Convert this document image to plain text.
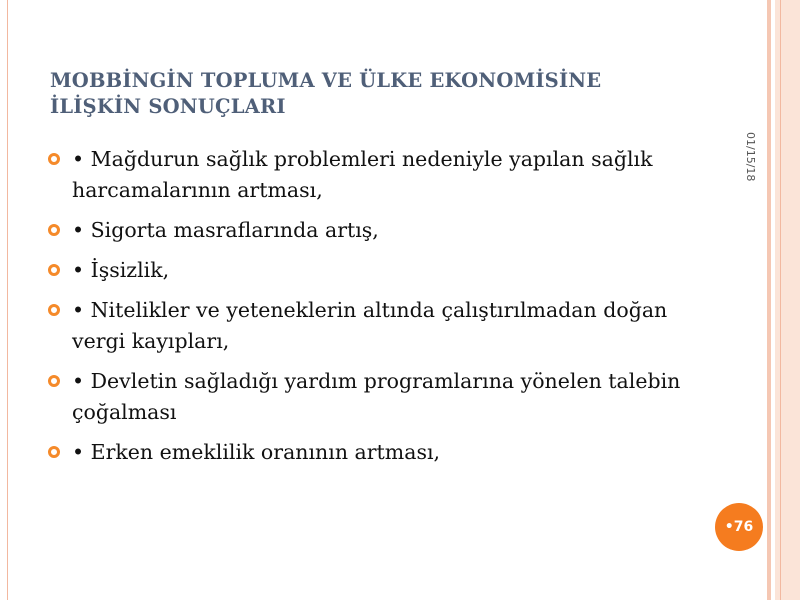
MOBBİNGİN TOPLUMA VE ÜLKE EKONOMİSİNE İLİŞKİN SONUÇLARI
01/15/18
• Mağdurun sağlık problemleri nedeniyle yapılan sağlık harcamalarının artması,
• Sigorta masraflarında artış,
• İşsizlik,
• Nitelikler ve yeteneklerin altında çalıştırılmadan doğan vergi kayıpları,
• Devletin sağladığı yardım programlarına yönelen talebin çoğalması
• Erken emeklilik oranının artması,
•76
